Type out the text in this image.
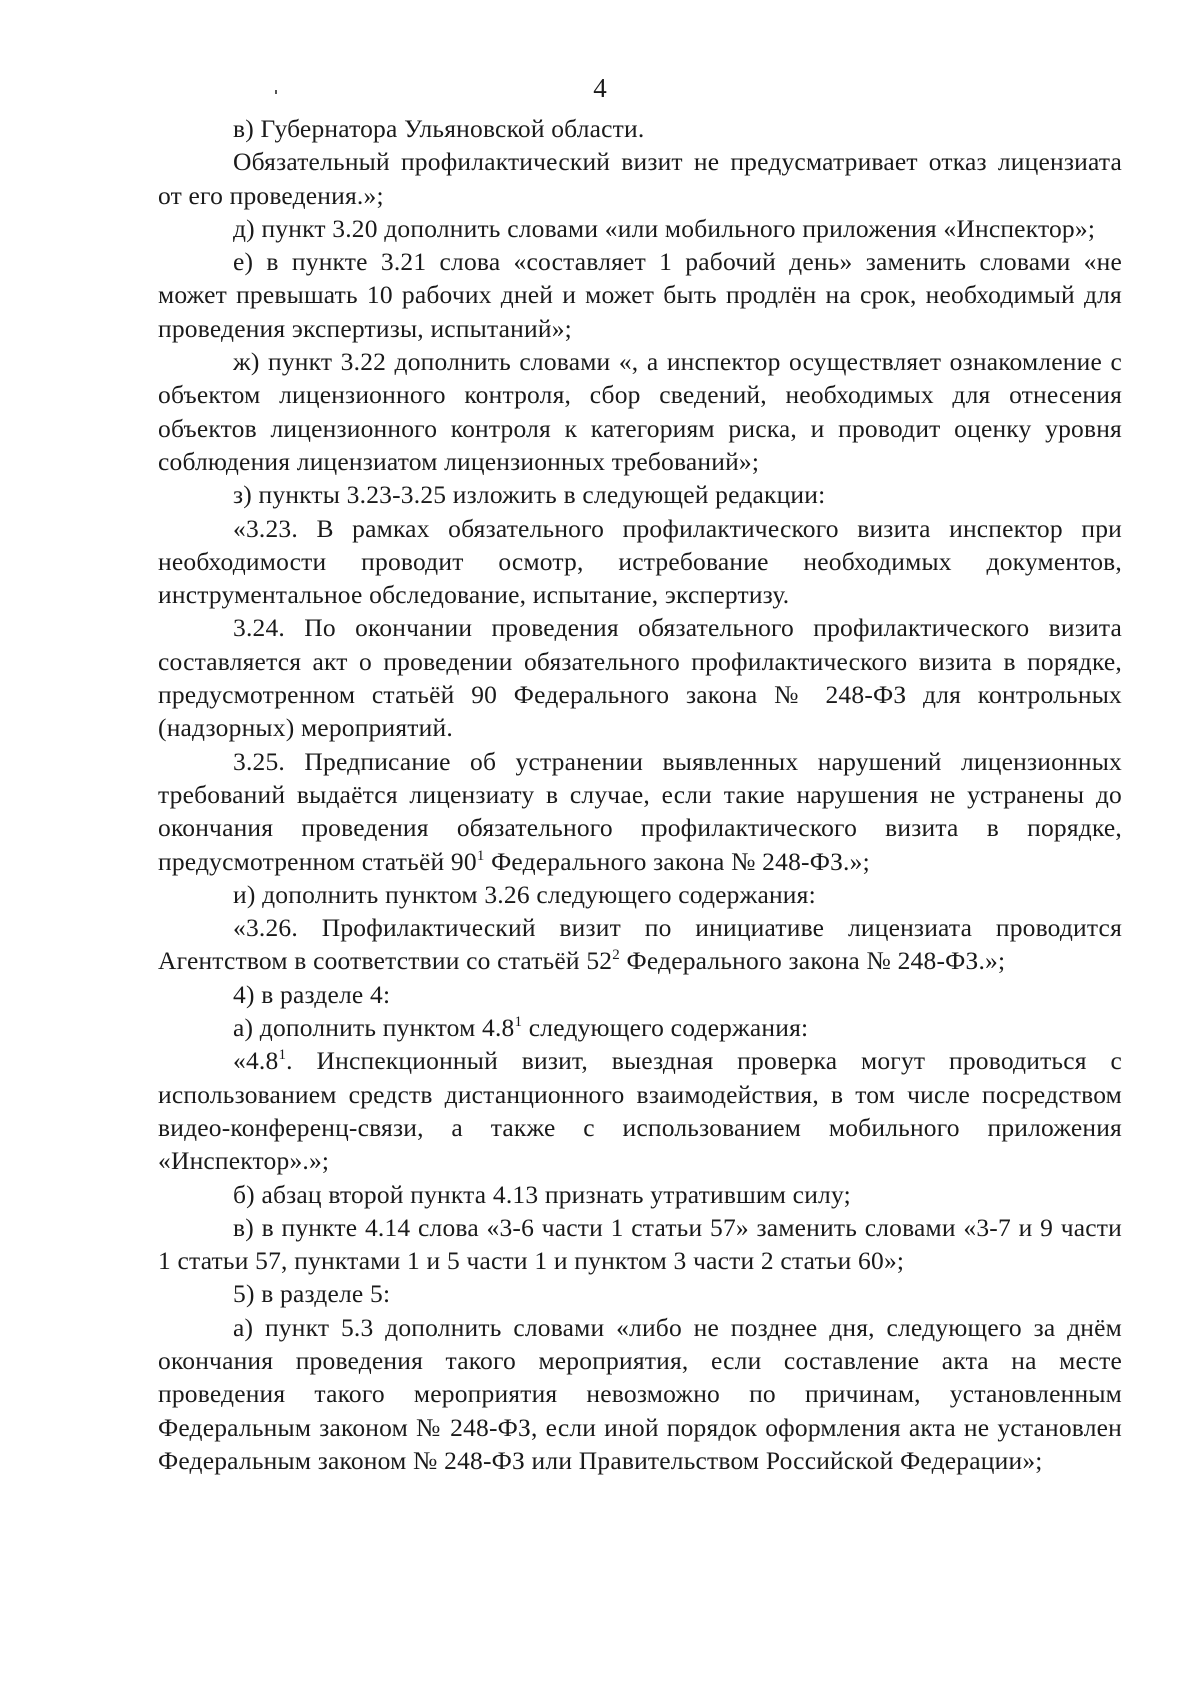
4

в) Губернатора Ульяновской области.

Обязательный профилактический визит не предусматривает отказ лицензиата от его проведения.»;

д) пункт 3.20 дополнить словами «или мобильного приложения «Инспектор»;

е) в пункте 3.21 слова «составляет 1 рабочий день» заменить словами «не может превышать 10 рабочих дней и может быть продлён на срок, необходимый для проведения экспертизы, испытаний»;

ж) пункт 3.22 дополнить словами «, а инспектор осуществляет ознакомление с объектом лицензионного контроля, сбор сведений, необходимых для отнесения объектов лицензионного контроля к категориям риска, и проводит оценку уровня соблюдения лицензиатом лицензионных требований»;

з) пункты 3.23-3.25 изложить в следующей редакции:

«3.23. В рамках обязательного профилактического визита инспектор при необходимости проводит осмотр, истребование необходимых документов, инструментальное обследование, испытание, экспертизу.

3.24. По окончании проведения обязательного профилактического визита составляется акт о проведении обязательного профилактического визита в порядке, предусмотренном статьёй 90 Федерального закона № 248-ФЗ для контрольных (надзорных) мероприятий.

3.25. Предписание об устранении выявленных нарушений лицензионных требований выдаётся лицензиату в случае, если такие нарушения не устранены до окончания проведения обязательного профилактического визита в порядке, предусмотренном статьёй $90^1$ Федерального закона № 248-ФЗ.»;

и) дополнить пунктом 3.26 следующего содержания:

«3.26. Профилактический визит по инициативе лицензиата проводится Агентством в соответствии со статьёй $52^2$ Федерального закона № 248-ФЗ.»;

4) в разделе 4:

а) дополнить пунктом $4.8^1$ следующего содержания:

«$4.8^1$. Инспекционный визит, выездная проверка могут проводиться с использованием средств дистанционного взаимодействия, в том числе посредством видео-конференц-связи, а также с использованием мобильного приложения «Инспектор».»;

б) абзац второй пункта 4.13 признать утратившим силу;

в) в пункте 4.14 слова «3-6 части 1 статьи 57» заменить словами «3-7 и 9 части 1 статьи 57, пунктами 1 и 5 части 1 и пунктом 3 части 2 статьи 60»;

5) в разделе 5:

а) пункт 5.3 дополнить словами «либо не позднее дня, следующего за днём окончания проведения такого мероприятия, если составление акта на месте проведения такого мероприятия невозможно по причинам, установленным Федеральным законом № 248-ФЗ, если иной порядок оформления акта не установлен Федеральным законом № 248-ФЗ или Правительством Российской Федерации»;
